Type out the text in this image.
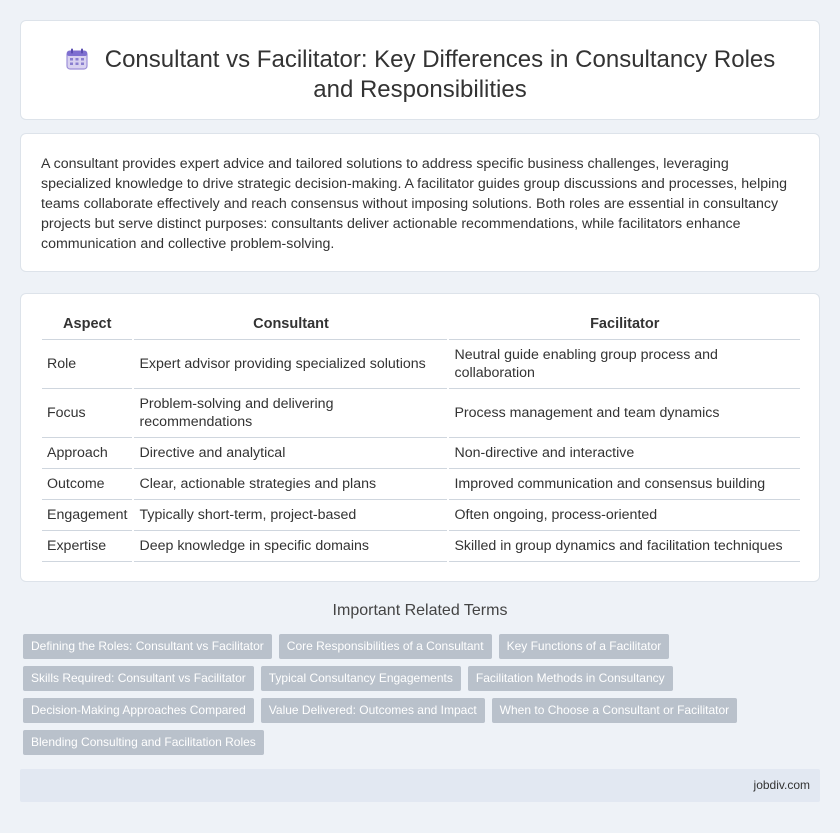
Consultant vs Facilitator: Key Differences in Consultancy Roles
and Responsibilities

A consultant provides expert advice and tailored solutions to address specific business challenges, leveraging specialized knowledge to drive strategic decision-making. A facilitator guides group discussions and processes, helping teams collaborate effectively and reach consensus without imposing solutions. Both roles are essential in consultancy projects but serve distinct purposes: consultants deliver actionable recommendations, while facilitators enhance communication and collective problem-solving.

Aspect	Consultant	Facilitator
Role	Expert advisor providing specialized solutions	Neutral guide enabling group process and collaboration
Focus	Problem-solving and delivering recommendations	Process management and team dynamics
Approach	Directive and analytical	Non-directive and interactive
Outcome	Clear, actionable strategies and plans	Improved communication and consensus building
Engagement	Typically short-term, project-based	Often ongoing, process-oriented
Expertise	Deep knowledge in specific domains	Skilled in group dynamics and facilitation techniques
Important Related Terms
Defining the Roles: Consultant vs Facilitator	Core Responsibilities of a Consultant	Key Functions of a Facilitator
Skills Required: Consultant vs Facilitator	Typical Consultancy Engagements	Facilitation Methods in Consultancy
Decision-Making Approaches Compared	Value Delivered: Outcomes and Impact	When to Choose a Consultant or Facilitator
Blending Consulting and Facilitation Roles
jobdiv.com
